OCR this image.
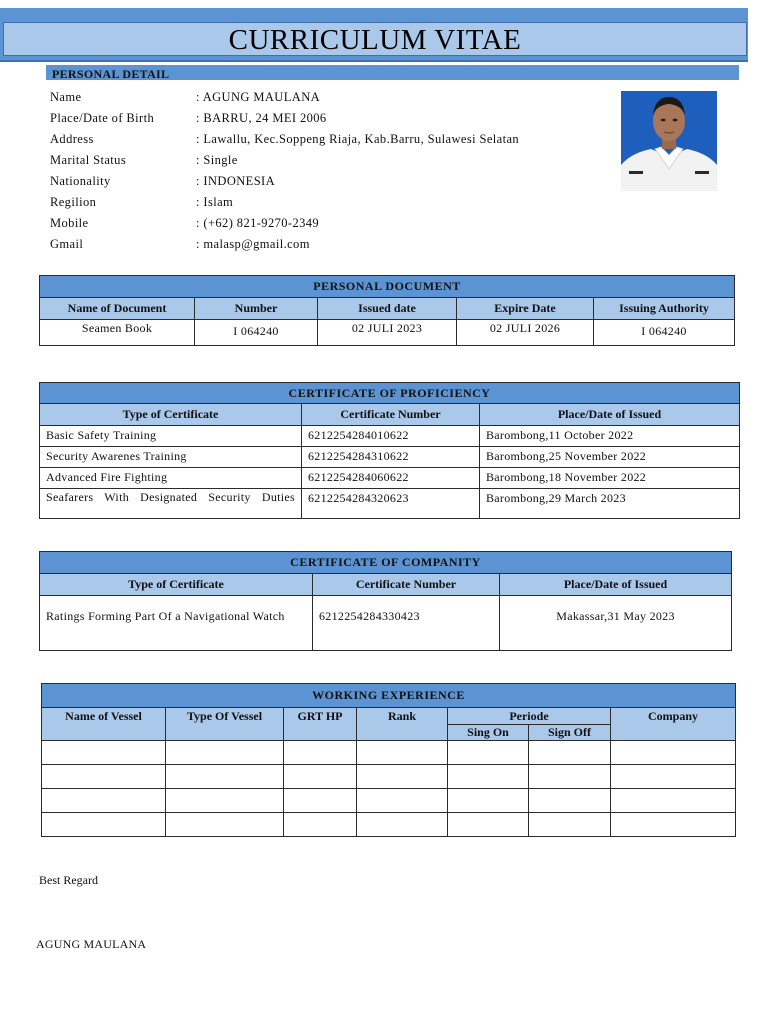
CURRICULUM VITAE
PERSONAL DETAIL
Name	: AGUNG MAULANA
Place/Date of Birth	: BARRU, 24 MEI 2006
Address	: Lawallu, Kec.Soppeng Riaja, Kab.Barru, Sulawesi Selatan
Marital Status	: Single
Nationality	: INDONESIA
Regilion	: Islam
Mobile	: (+62) 821-9270-2349
Gmail	: malasp@gmail.com
PERSONAL DOCUMENT				
Name of Document	Number	Issued date	Expire Date	Issuing Authority
Seamen Book	I 064240	02 JULI 2023	02 JULI 2026	I 064240
CERTIFICATE OF PROFICIENCY		
Type of Certificate	Certificate Number	Place/Date of Issued
Basic Safety Training	6212254284010622	Barombong,11 October 2022
Security Awarenes Training	6212254284310622	Barombong,25 November 2022
Advanced Fire Fighting	6212254284060622	Barombong,18 November 2022
Seafarers With Designated Security Duties	6212254284320623	Barombong,29 March 2023
CERTIFICATE OF COMPANITY		
Type of Certificate	Certificate Number	Place/Date of Issued
Ratings Forming Part Of a Navigational Watch	6212254284330423	Makassar,31 May 2023
WORKING EXPERIENCE						
Name of Vessel	Type Of Vessel	GRT HP	Rank	Periode		Company
				Sing On	Sign Off	

Best Regard
AGUNG MAULANA
